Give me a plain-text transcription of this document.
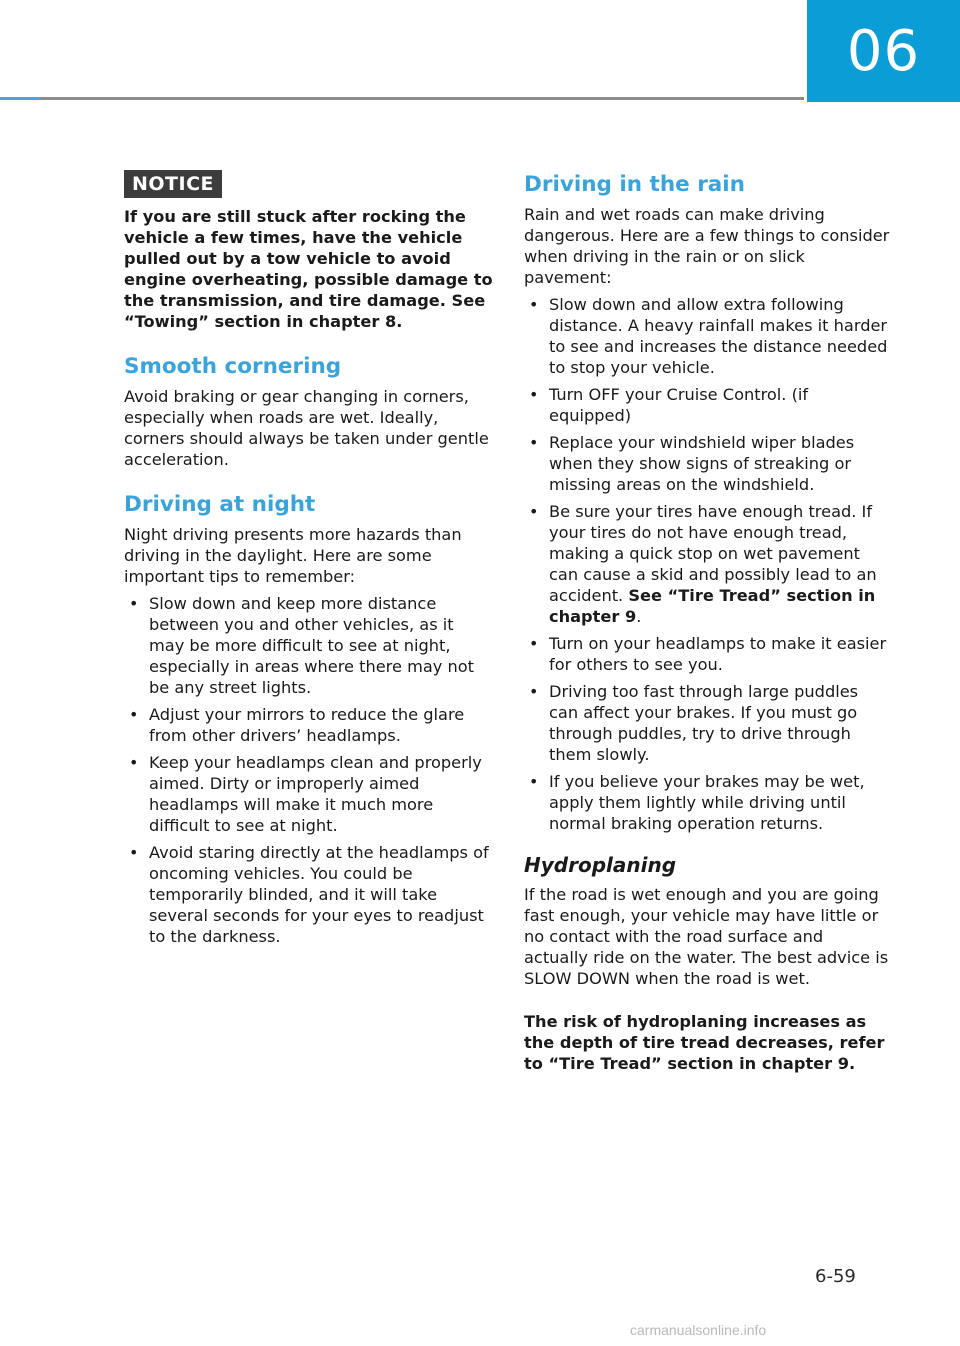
06
NOTICE

If you are still stuck after rocking the vehicle a few times, have the vehicle pulled out by a tow vehicle to avoid engine overheating, possible damage to the transmission, and tire damage. See “Towing” section in chapter 8.

Smooth cornering

Avoid braking or gear changing in corners, especially when roads are wet. Ideally, corners should always be taken under gentle acceleration.

Driving at night

Night driving presents more hazards than driving in the daylight. Here are some important tips to remember:

• Slow down and keep more distance between you and other vehicles, as it may be more difficult to see at night, especially in areas where there may not be any street lights.
• Adjust your mirrors to reduce the glare from other drivers’ headlamps.
• Keep your headlamps clean and properly aimed. Dirty or improperly aimed headlamps will make it much more difficult to see at night.
• Avoid staring directly at the headlamps of oncoming vehicles. You could be temporarily blinded, and it will take several seconds for your eyes to readjust to the darkness.
Driving in the rain

Rain and wet roads can make driving dangerous. Here are a few things to consider when driving in the rain or on slick pavement:

• Slow down and allow extra following distance. A heavy rainfall makes it harder to see and increases the distance needed to stop your vehicle.
• Turn OFF your Cruise Control. (if equipped)
• Replace your windshield wiper blades when they show signs of streaking or missing areas on the windshield.
• Be sure your tires have enough tread. If your tires do not have enough tread, making a quick stop on wet pavement can cause a skid and possibly lead to an accident. See “Tire Tread” section in chapter 9.
• Turn on your headlamps to make it easier for others to see you.
• Driving too fast through large puddles can affect your brakes. If you must go through puddles, try to drive through them slowly.
• If you believe your brakes may be wet, apply them lightly while driving until normal braking operation returns.
Hydroplaning

If the road is wet enough and you are going fast enough, your vehicle may have little or no contact with the road surface and actually ride on the water. The best advice is SLOW DOWN when the road is wet.

The risk of hydroplaning increases as the depth of tire tread decreases, refer to “Tire Tread” section in chapter 9.

6-59
carmanualsonline.info
